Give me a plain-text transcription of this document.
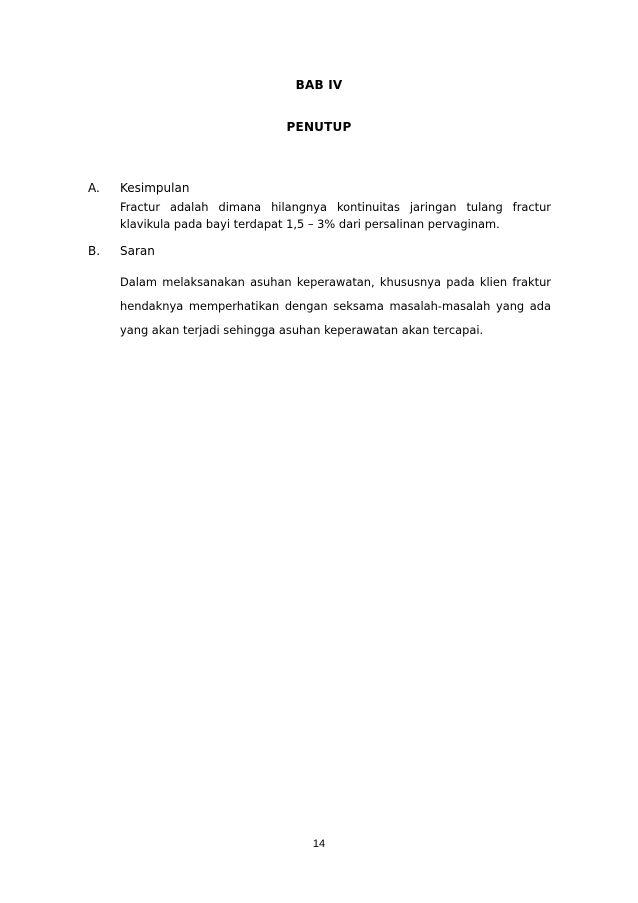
BAB IV
PENUTUP
A. Kesimpulan
Fractur adalah dimana hilangnya kontinuitas jaringan tulang fractur
klavikula pada bayi terdapat 1,5 – 3% dari persalinan pervaginam.
B. Saran
Dalam melaksanakan asuhan keperawatan, khususnya pada klien fraktur
hendaknya memperhatikan dengan seksama masalah-masalah yang ada
yang akan terjadi sehingga asuhan keperawatan akan tercapai.
14
